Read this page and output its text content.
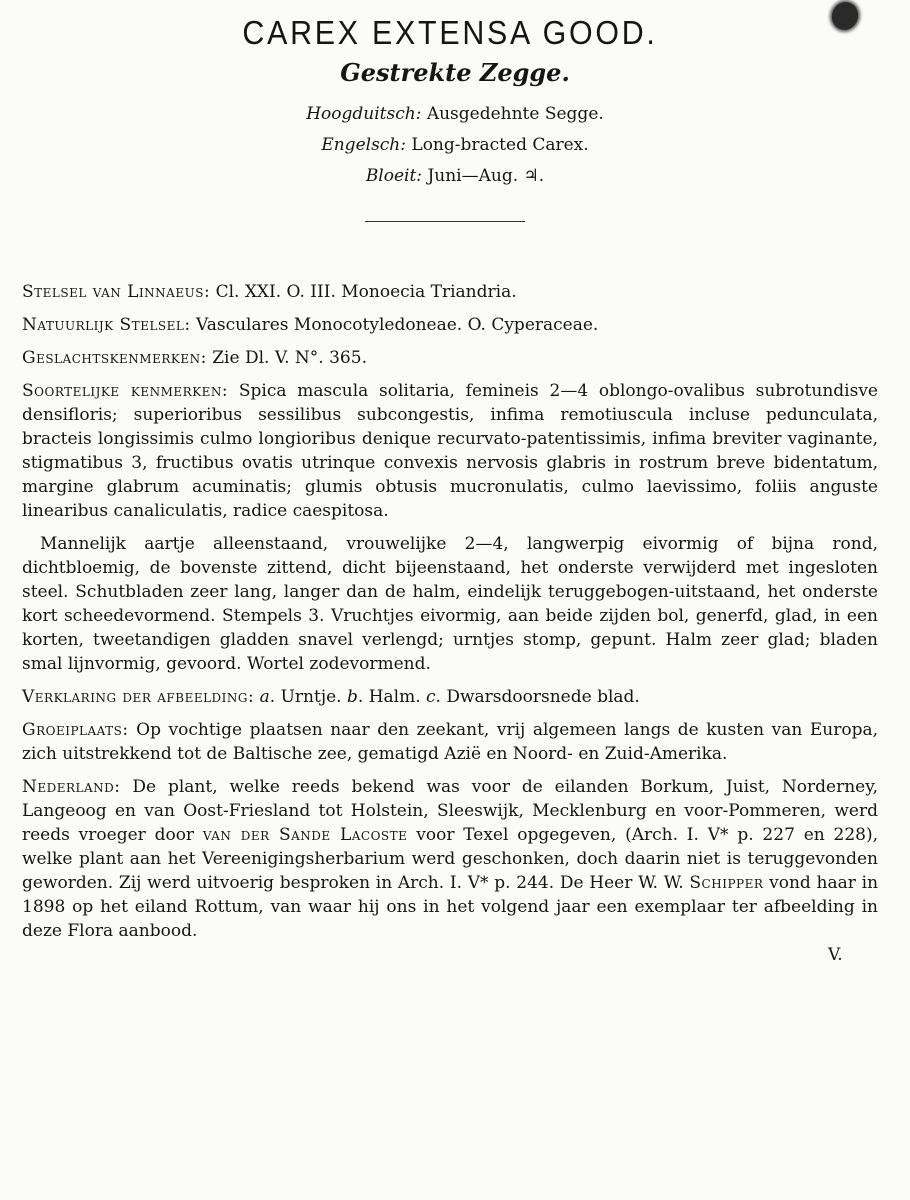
CAREX EXTENSA GOOD.
Gestrekte Zegge.
Hoogduitsch: Ausgedehnte Segge.
Engelsch: Long-bracted Carex.
Bloeit: Juni—Aug. ♃.

Stelsel van Linnaeus: Cl. XXI. O. III. Monoecia Triandria.

Natuurlijk Stelsel: Vasculares Monocotyledoneae. O. Cyperaceae.

Geslachtskenmerken: Zie Dl. V. N°. 365.

Soortelijke kenmerken: Spica mascula solitaria, femineis 2—4 oblongo-ovalibus subrotundisve densifloris; superioribus sessilibus subcongestis, infima remotiuscula incluse pedunculata, bracteis longissimis culmo longioribus denique recurvato-patentissimis, infima breviter vaginante, stigmatibus 3, fructibus ovatis utrinque convexis nervosis glabris in rostrum breve bidentatum, margine glabrum acuminatis; glumis obtusis mucronulatis, culmo laevissimo, foliis anguste linearibus canaliculatis, radice caespitosa.

Mannelijk aartje alleenstaand, vrouwelijke 2—4, langwerpig eivormig of bijna rond, dichtbloemig, de bovenste zittend, dicht bijeenstaand, het onderste verwijderd met ingesloten steel. Schutbladen zeer lang, langer dan de halm, eindelijk teruggebogen-uitstaand, het onderste kort scheedevormend. Stempels 3. Vruchtjes eivormig, aan beide zijden bol, generfd, glad, in een korten, tweetandigen gladden snavel verlengd; urntjes stomp, gepunt. Halm zeer glad; bladen smal lijnvormig, gevoord. Wortel zodevormend.

Verklaring der afbeelding: a. Urntje. b. Halm. c. Dwarsdoorsnede blad.

Groeiplaats: Op vochtige plaatsen naar den zeekant, vrij algemeen langs de kusten van Europa, zich uitstrekkend tot de Baltische zee, gematigd Azië en Noord- en Zuid-Amerika.

Nederland: De plant, welke reeds bekend was voor de eilanden Borkum, Juist, Norderney, Langeoog en van Oost-Friesland tot Holstein, Sleeswijk, Mecklenburg en voor-Pommeren, werd reeds vroeger door van der Sande Lacoste voor Texel opgegeven, (Arch. I. V* p. 227 en 228), welke plant aan het Vereenigingsherbarium werd geschonken, doch daarin niet is teruggevonden geworden. Zij werd uitvoerig besproken in Arch. I. V* p. 244. De Heer W. W. Schipper vond haar in 1898 op het eiland Rottum, van waar hij ons in het volgend jaar een exemplaar ter afbeelding in deze Flora aanbood.

V.
